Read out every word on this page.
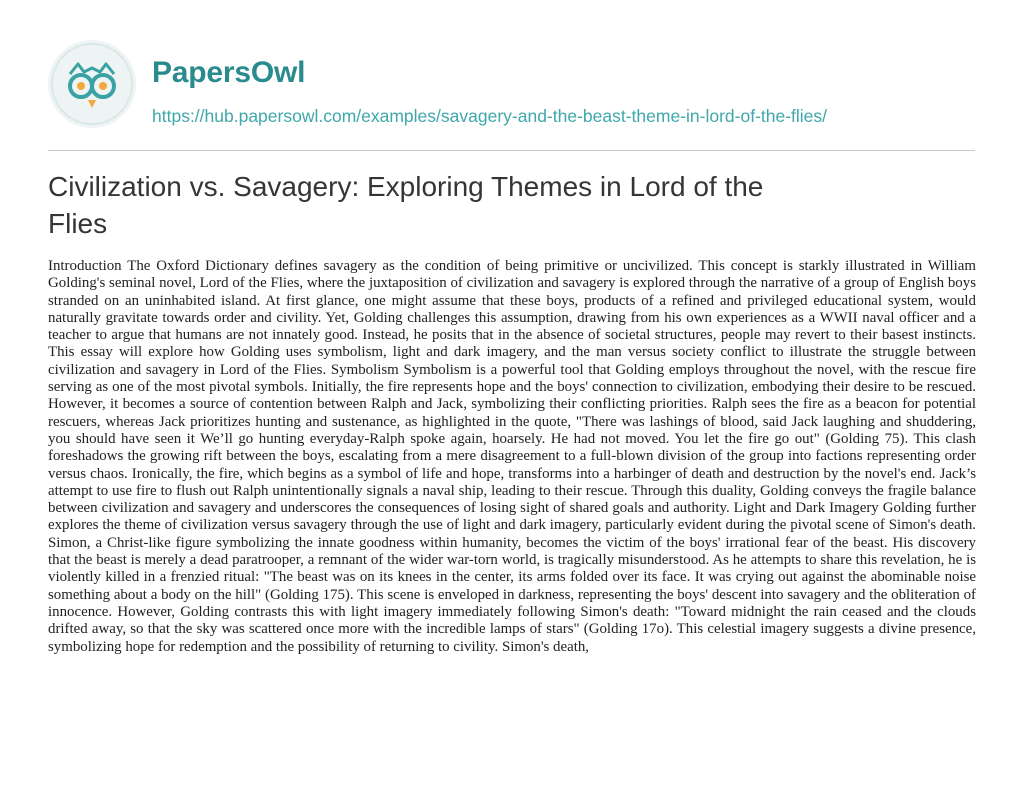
PapersOwl
https://hub.papersowl.com/examples/savagery-and-the-beast-theme-in-lord-of-the-flies/
Civilization vs. Savagery: Exploring Themes in Lord of the Flies

Introduction The Oxford Dictionary defines savagery as the condition of being primitive or uncivilized. This concept is starkly illustrated in William Golding's seminal novel, Lord of the Flies, where the juxtaposition of civilization and savagery is explored through the narrative of a group of English boys stranded on an uninhabited island. At first glance, one might assume that these boys, products of a refined and privileged educational system, would naturally gravitate towards order and civility. Yet, Golding challenges this assumption, drawing from his own experiences as a WWII naval officer and a teacher to argue that humans are not innately good. Instead, he posits that in the absence of societal structures, people may revert to their basest instincts. This essay will explore how Golding uses symbolism, light and dark imagery, and the man versus society conflict to illustrate the struggle between civilization and savagery in Lord of the Flies. Symbolism Symbolism is a powerful tool that Golding employs throughout the novel, with the rescue fire serving as one of the most pivotal symbols. Initially, the fire represents hope and the boys' connection to civilization, embodying their desire to be rescued. However, it becomes a source of contention between Ralph and Jack, symbolizing their conflicting priorities. Ralph sees the fire as a beacon for potential rescuers, whereas Jack prioritizes hunting and sustenance, as highlighted in the quote, "There was lashings of blood, said Jack laughing and shuddering, you should have seen it We’ll go hunting everyday-Ralph spoke again, hoarsely. He had not moved. You let the fire go out" (Golding 75). This clash foreshadows the growing rift between the boys, escalating from a mere disagreement to a full-blown division of the group into factions representing order versus chaos. Ironically, the fire, which begins as a symbol of life and hope, transforms into a harbinger of death and destruction by the novel's end. Jack’s attempt to use fire to flush out Ralph unintentionally signals a naval ship, leading to their rescue. Through this duality, Golding conveys the fragile balance between civilization and savagery and underscores the consequences of losing sight of shared goals and authority. Light and Dark Imagery Golding further explores the theme of civilization versus savagery through the use of light and dark imagery, particularly evident during the pivotal scene of Simon's death. Simon, a Christ-like figure symbolizing the innate goodness within humanity, becomes the victim of the boys' irrational fear of the beast. His discovery that the beast is merely a dead paratrooper, a remnant of the wider war-torn world, is tragically misunderstood. As he attempts to share this revelation, he is violently killed in a frenzied ritual: "The beast was on its knees in the center, its arms folded over its face. It was crying out against the abominable noise something about a body on the hill" (Golding 175). This scene is enveloped in darkness, representing the boys' descent into savagery and the obliteration of innocence. However, Golding contrasts this with light imagery immediately following Simon's death: "Toward midnight the rain ceased and the clouds drifted away, so that the sky was scattered once more with the incredible lamps of stars" (Golding 17o). This celestial imagery suggests a divine presence, symbolizing hope for redemption and the possibility of returning to civility. Simon's death,
